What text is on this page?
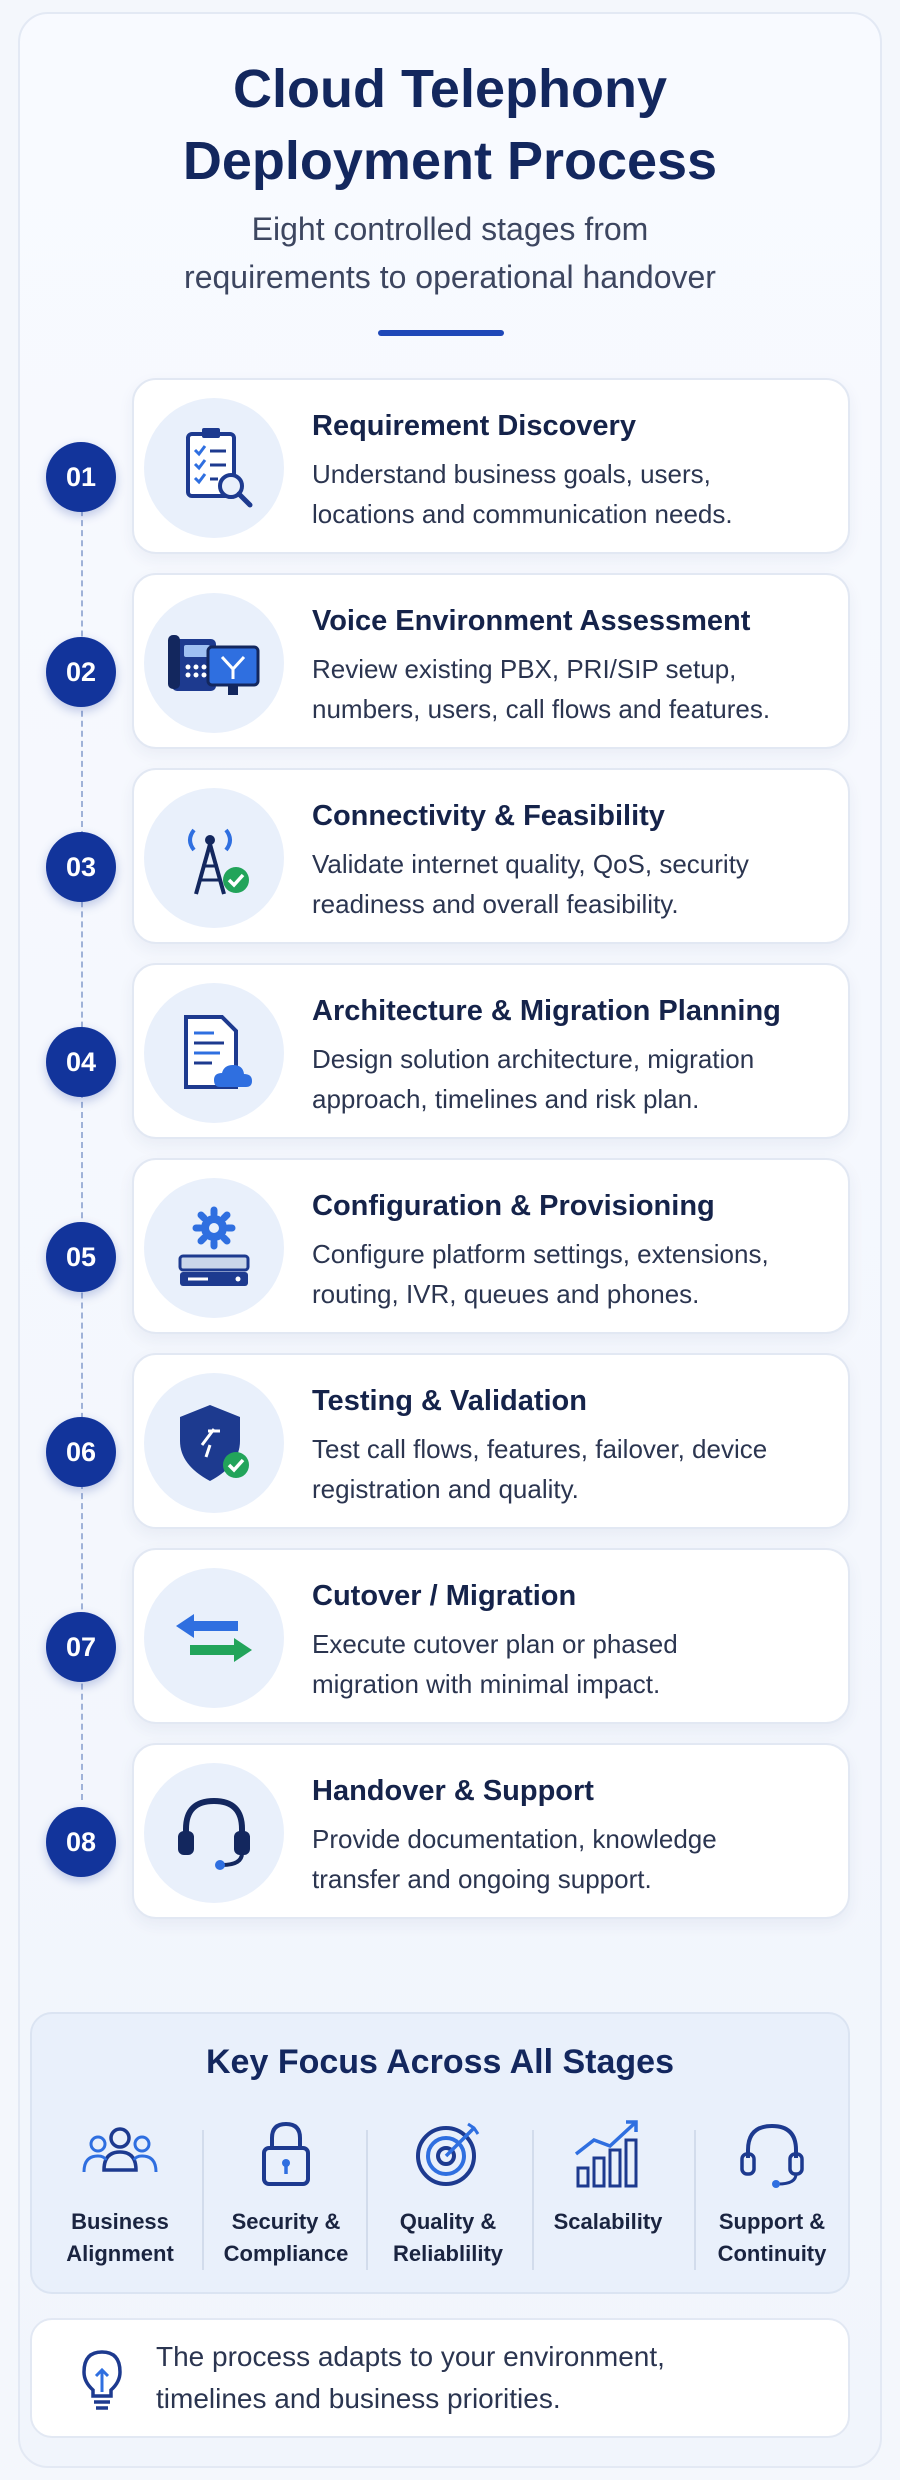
Cloud Telephony
Deployment Process

Eight controlled stages from

requirements to operational handover

01

Requirement Discovery

Understand business goals, users,
locations and communication needs.

02

Voice Environment Assessment

Review existing PBX, PRI/SIP setup,
numbers, users, call flows and features.

03

Connectivity & Feasibility

Validate internet quality, QoS, security
readiness and overall feasibility.

04

Architecture & Migration Planning

Design solution architecture, migration
approach, timelines and risk plan.

05

Configuration & Provisioning

Configure platform settings, extensions,
routing, IVR, queues and phones.

06

Testing & Validation

Test call flows, features, failover, device
registration and quality.

07

Cutover / Migration

Execute cutover plan or phased
migration with minimal impact.

08

Handover & Support

Provide documentation, knowledge
transfer and ongoing support.

Key Focus Across All Stages

Business
Alignment
Security &
Compliance
Quality &
Reliablility
Scalability	Support &
Continuity

The process adapts to your environment,
timelines and business priorities.
